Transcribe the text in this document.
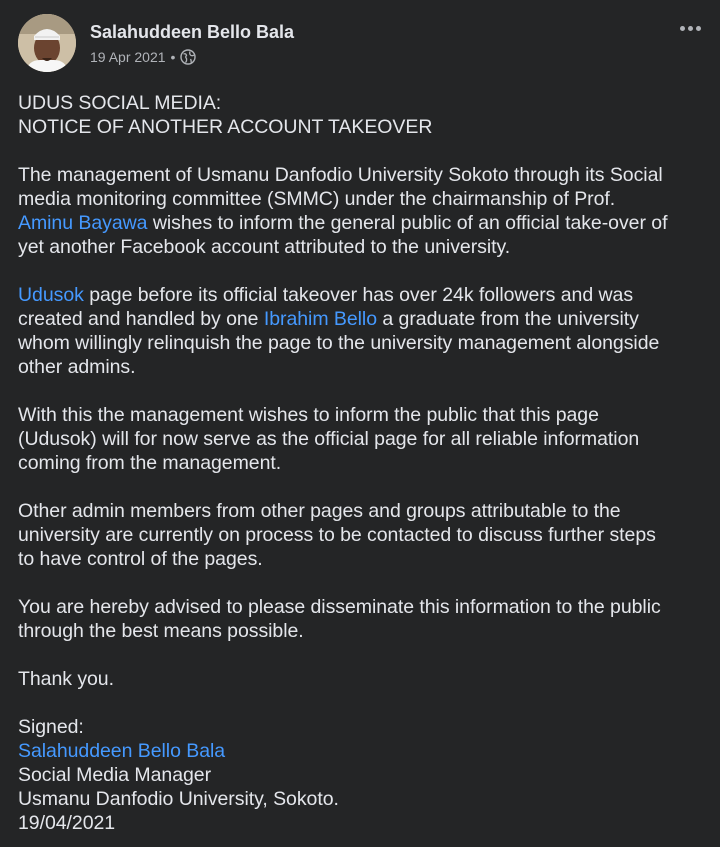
Salahuddeen Bello Bala
19 Apr 2021 •

UDUS SOCIAL MEDIA:
NOTICE OF ANOTHER ACCOUNT TAKEOVER

The management of Usmanu Danfodio University Sokoto through its Social
media monitoring committee (SMMC) under the chairmanship of Prof.
Aminu Bayawa wishes to inform the general public of an official take-over of
yet another Facebook account attributed to the university.

Udusok page before its official takeover has over 24k followers and was
created and handled by one Ibrahim Bello a graduate from the university
whom willingly relinquish the page to the university management alongside
other admins.

With this the management wishes to inform the public that this page
(Udusok) will for now serve as the official page for all reliable information
coming from the management.

Other admin members from other pages and groups attributable to the
university are currently on process to be contacted to discuss further steps
to have control of the pages.

You are hereby advised to please disseminate this information to the public
through the best means possible.

Thank you.

Signed:
Salahuddeen Bello Bala
Social Media Manager
Usmanu Danfodio University, Sokoto.
19/04/2021
